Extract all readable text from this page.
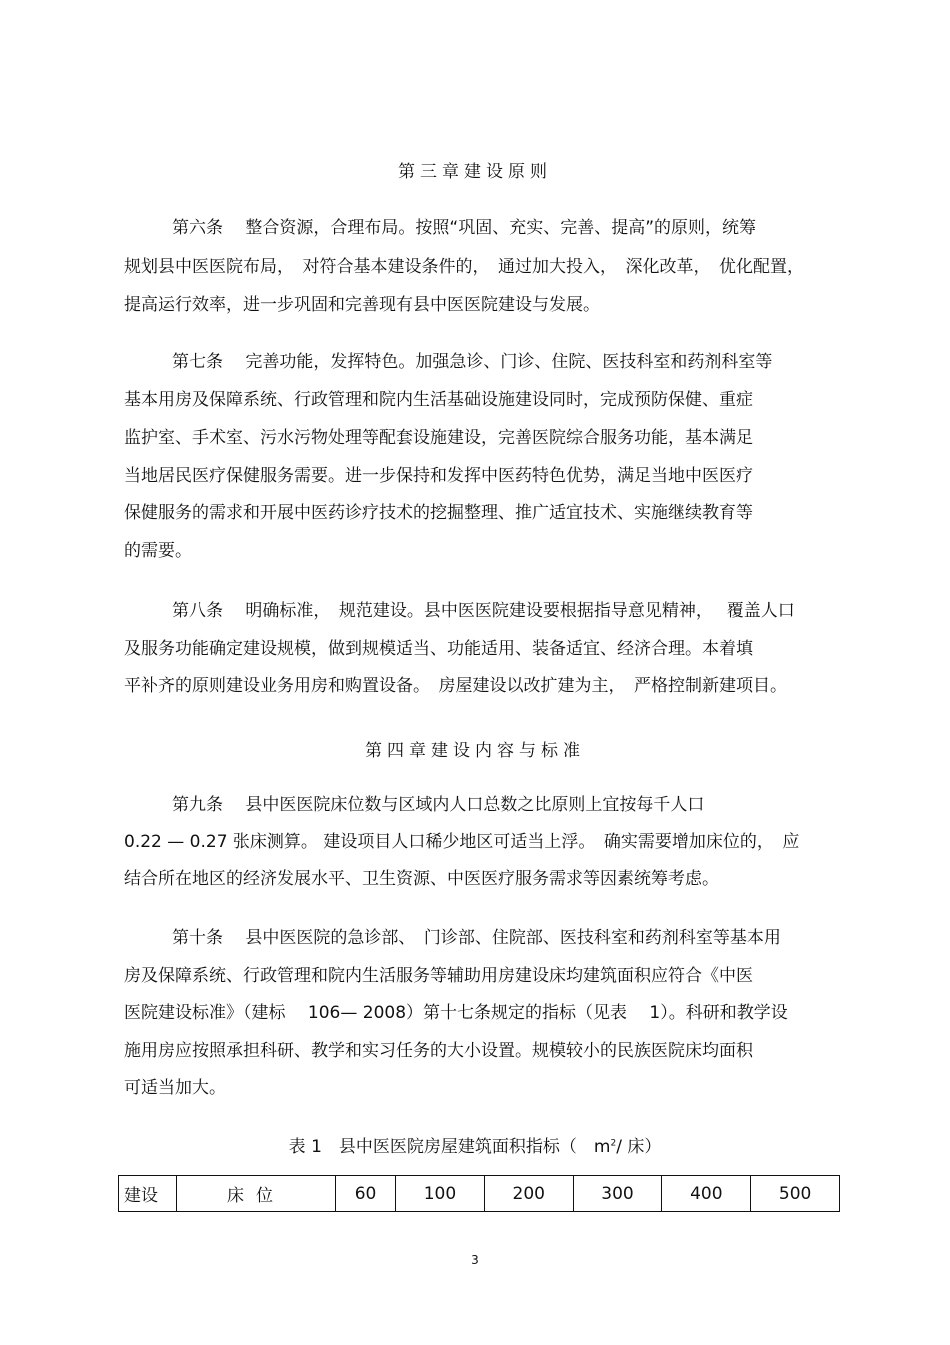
第三章建设原则
第六条　 整合资源，合理布局。按照“巩固、充实、完善、提高”的原则，统筹
规划县中医医院布局，　对符合基本建设条件的，　通过加大投入，　深化改革，　优化配置，
提高运行效率，进一步巩固和完善现有县中医医院建设与发展。
第七条　 完善功能，发挥特色。加强急诊、门诊、住院、医技科室和药剂科室等
基本用房及保障系统、行政管理和院内生活基础设施建设同时，完成预防保健、重症
监护室、手术室、污水污物处理等配套设施建设，完善医院综合服务功能，基本满足
当地居民医疗保健服务需要。进一步保持和发挥中医药特色优势，满足当地中医医疗
保健服务的需求和开展中医药诊疗技术的挖掘整理、推广适宜技术、实施继续教育等
的需要。
第八条　 明确标准，　规范建设。县中医医院建设要根据指导意见精神，　 覆盖人口
及服务功能确定建设规模，做到规模适当、功能适用、装备适宜、经济合理。本着填
平补齐的原则建设业务用房和购置设备。　房屋建设以改扩建为主，　严格控制新建项目。
第四章建设内容与标准
第九条　 县中医医院床位数与区域内人口总数之比原则上宜按每千人口
0.22 — 0.27 张床测算。 建设项目人口稀少地区可适当上浮。　确实需要增加床位的，　应
结合所在地区的经济发展水平、卫生资源、中医医疗服务需求等因素统筹考虑。
第十条　 县中医医院的急诊部、　门诊部、住院部、医技科室和药剂科室等基本用
房及保障系统、行政管理和院内生活服务等辅助用房建设床均建筑面积应符合《中医
医院建设标准》（建标　 106— 2008）第十七条规定的指标（见表　 1）。科研和教学设
施用房应按照承担科研、教学和实习任务的大小设置。规模较小的民族医院床均面积
可适当加大。
表 1　县中医医院房屋建筑面积指标（　$m^2/$ 床）
建设	床位	60	100	200	300	400	500
3
